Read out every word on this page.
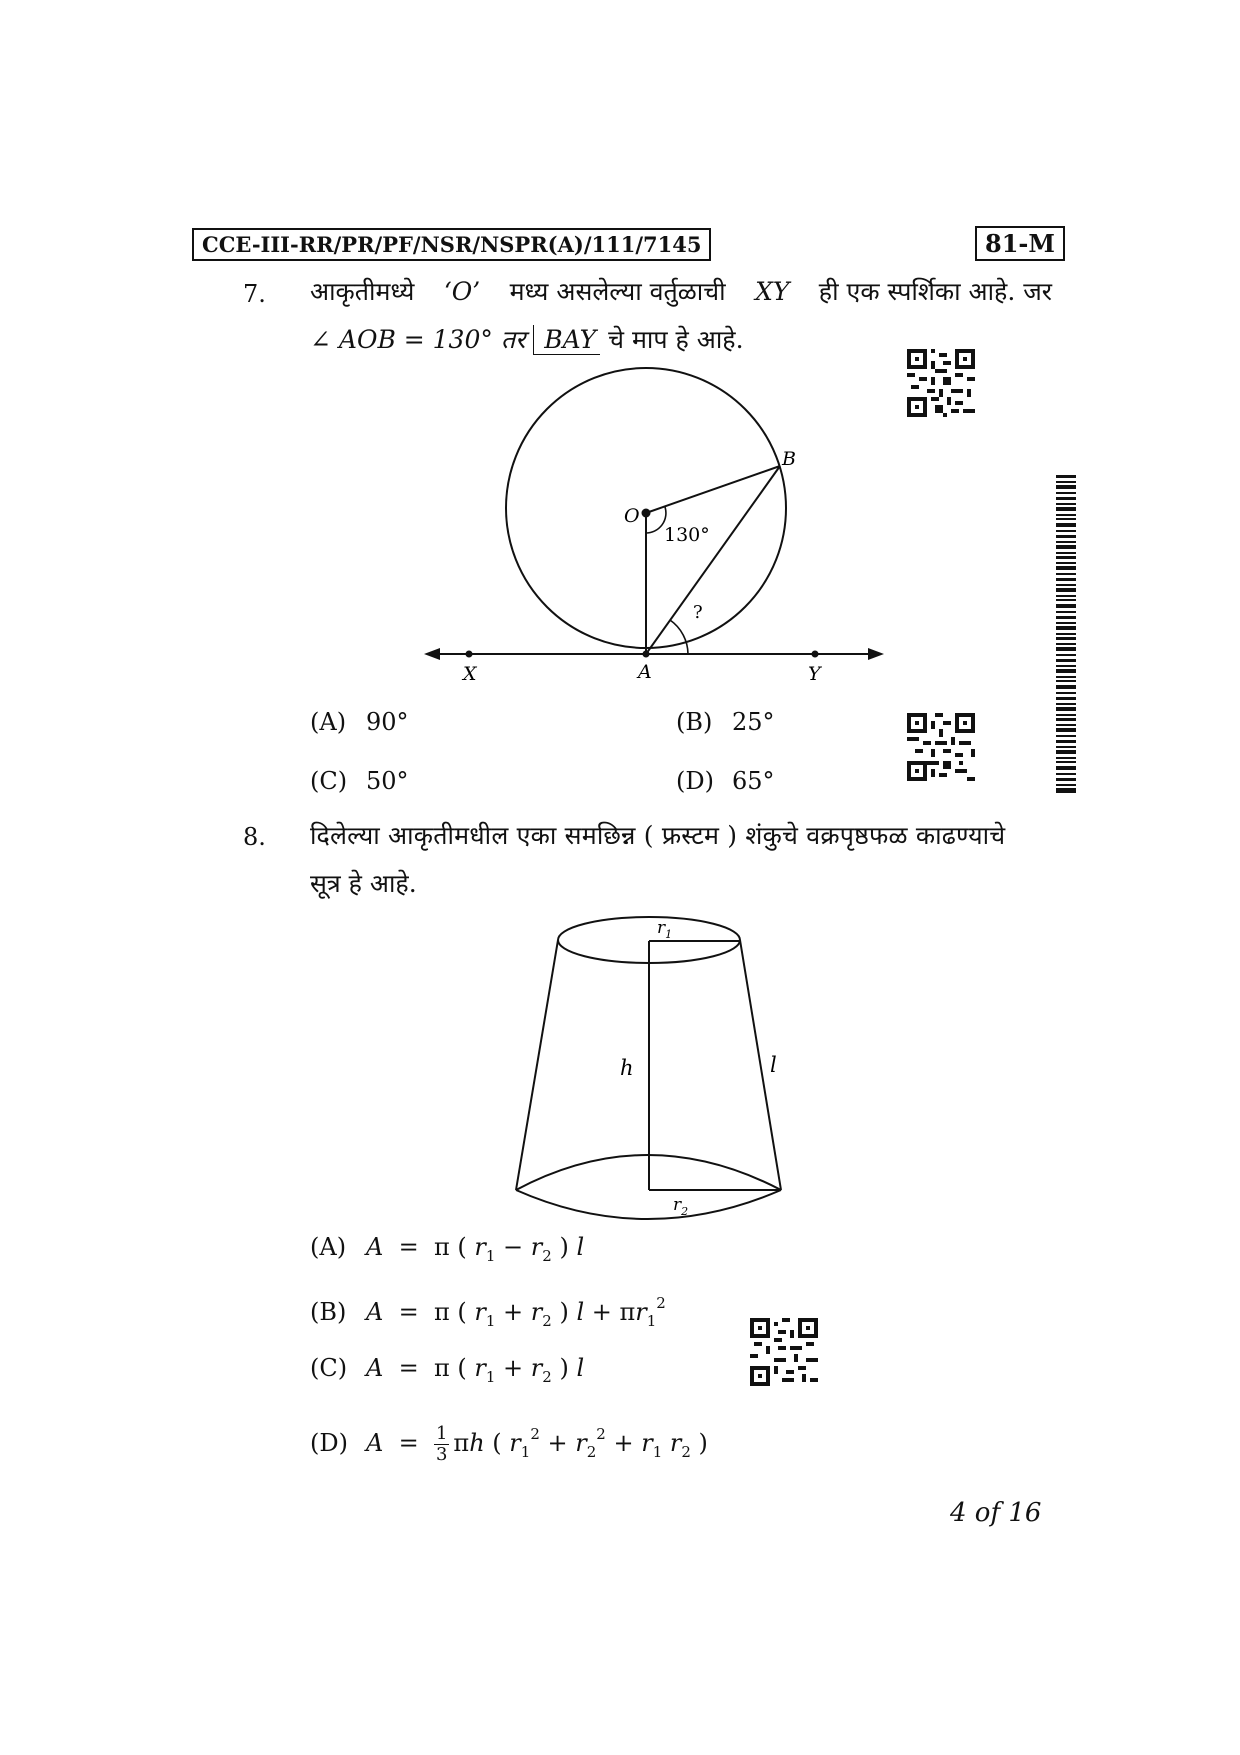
CCE-III-RR/PR/PF/NSR/NSPR(A)/111/7145	81-M
7. आकृतीमध्ये ‘O’ मध्य असलेल्या वर्तुळाची XY ही एक स्पर्शिका आहे. जर
∠ AOB = 130° तर BAY चे माप हे आहे.
O
B
A
X	Y
130°
?
(A) 90°	(B) 25°
(C) 50°	(D) 65°
8. दिलेल्या आकृतीमधील एका समछिन्न ( फ्रस्टम ) शंकुचे वक्रपृष्ठफळ काढण्याचे
सूत्र हे आहे.
$r_1$
$r_2$
h	l
(A) A  =  π ( $r_1 - r_2$ ) l
(B) A  =  π ( $r_1 + r_2$ ) $l + \pi r_1^2$
(C) A  =  π ( $r_1 + r_2$ ) l
(D) $A = \frac{1}{3}$ πh ( $r_1^2 + r_2^2 + r_1$ $r_2$ )
4 of 16
